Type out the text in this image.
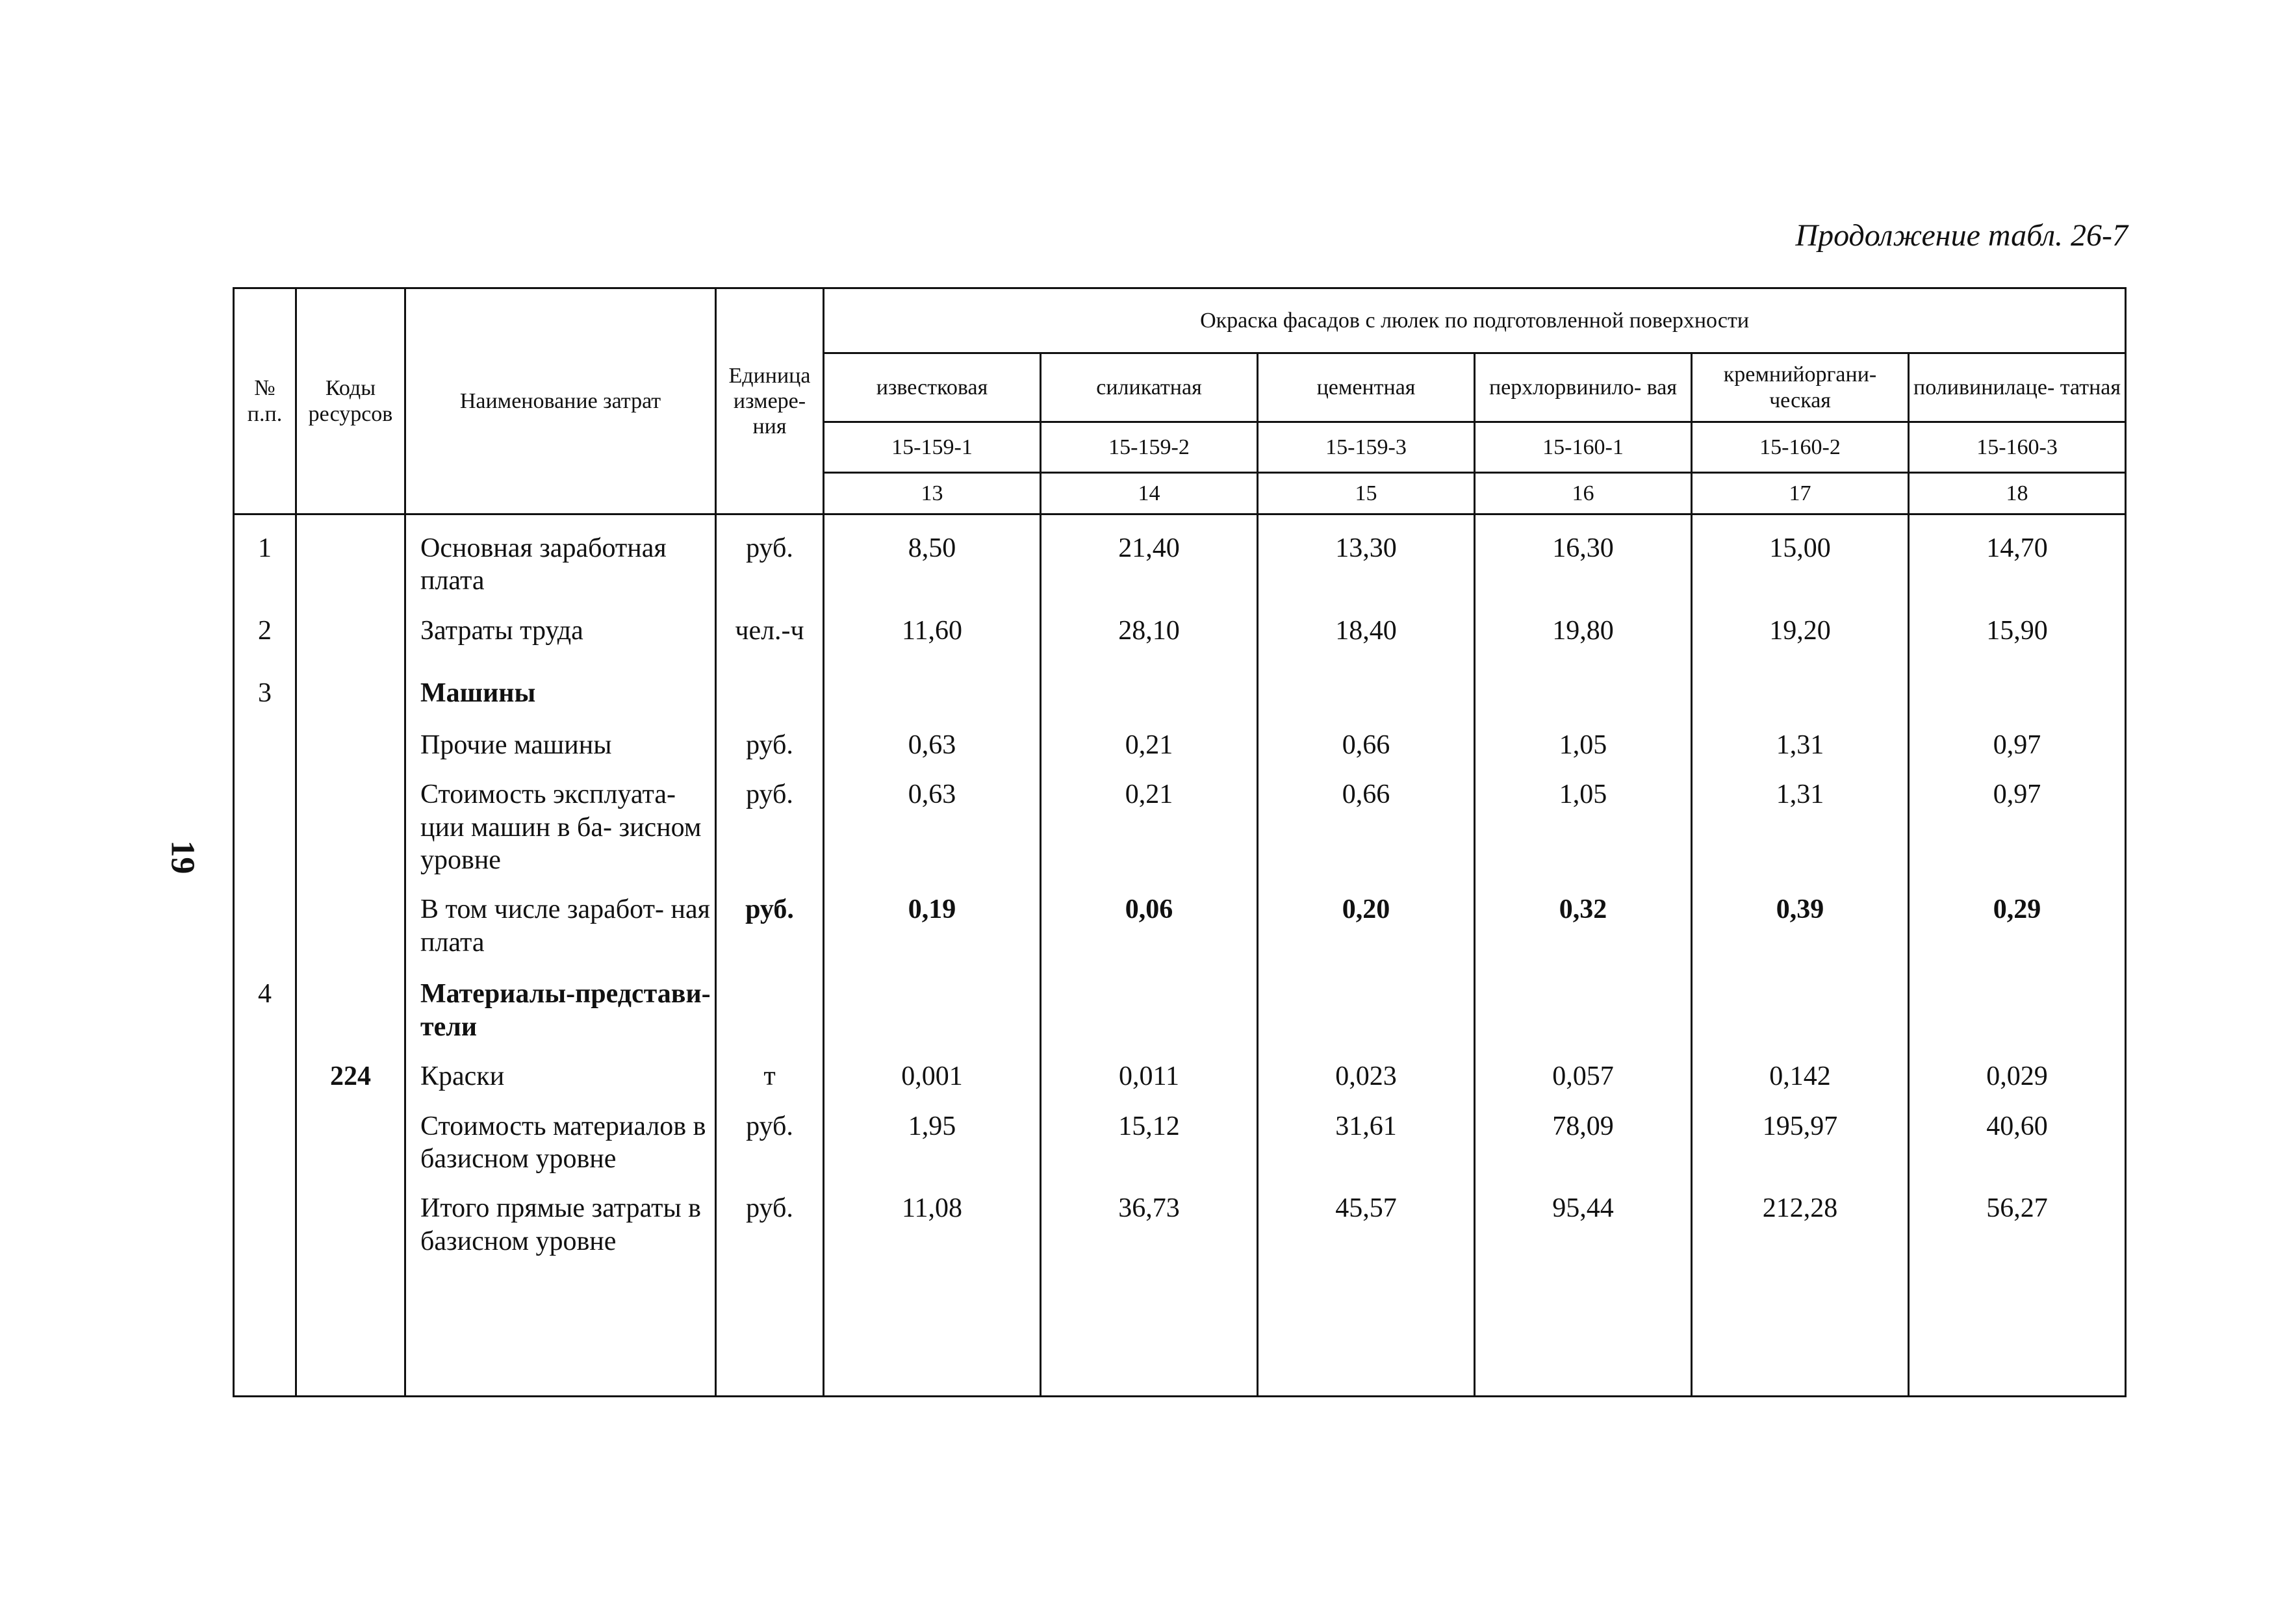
Продолжение табл. 26-7
19
№ п.п.	Коды ресурсов	Наименование затрат	Единица измере- ния	Окраска фасадов с люлек по подготовленной поверхности					
				известковая	силикатная	цементная	перхлорвинило- вая	кремнийоргани- ческая	поливинилаце- татная
				15-159-1	15-159-2	15-159-3	15-160-1	15-160-2	15-160-3
				13	14	15	16	17	18
1		Основная заработная плата	руб.	8,50	21,40	13,30	16,30	15,00	14,70
2		Затраты труда	чел.-ч	11,60	28,10	18,40	19,80	19,20	15,90
3		Машины							
		Прочие машины	руб.	0,63	0,21	0,66	1,05	1,31	0,97
		Стоимость эксплуата- ции машин в ба- зисном уровне	руб.	0,63	0,21	0,66	1,05	1,31	0,97
		В том числе заработ- ная плата	руб.	0,19	0,06	0,20	0,32	0,39	0,29
4		Материалы-представи- тели							
	224	Краски	т	0,001	0,011	0,023	0,057	0,142	0,029
		Стоимость материалов в базисном уровне	руб.	1,95	15,12	31,61	78,09	195,97	40,60
		Итого прямые затраты в базисном уровне	руб.	11,08	36,73	45,57	95,44	212,28	56,27
